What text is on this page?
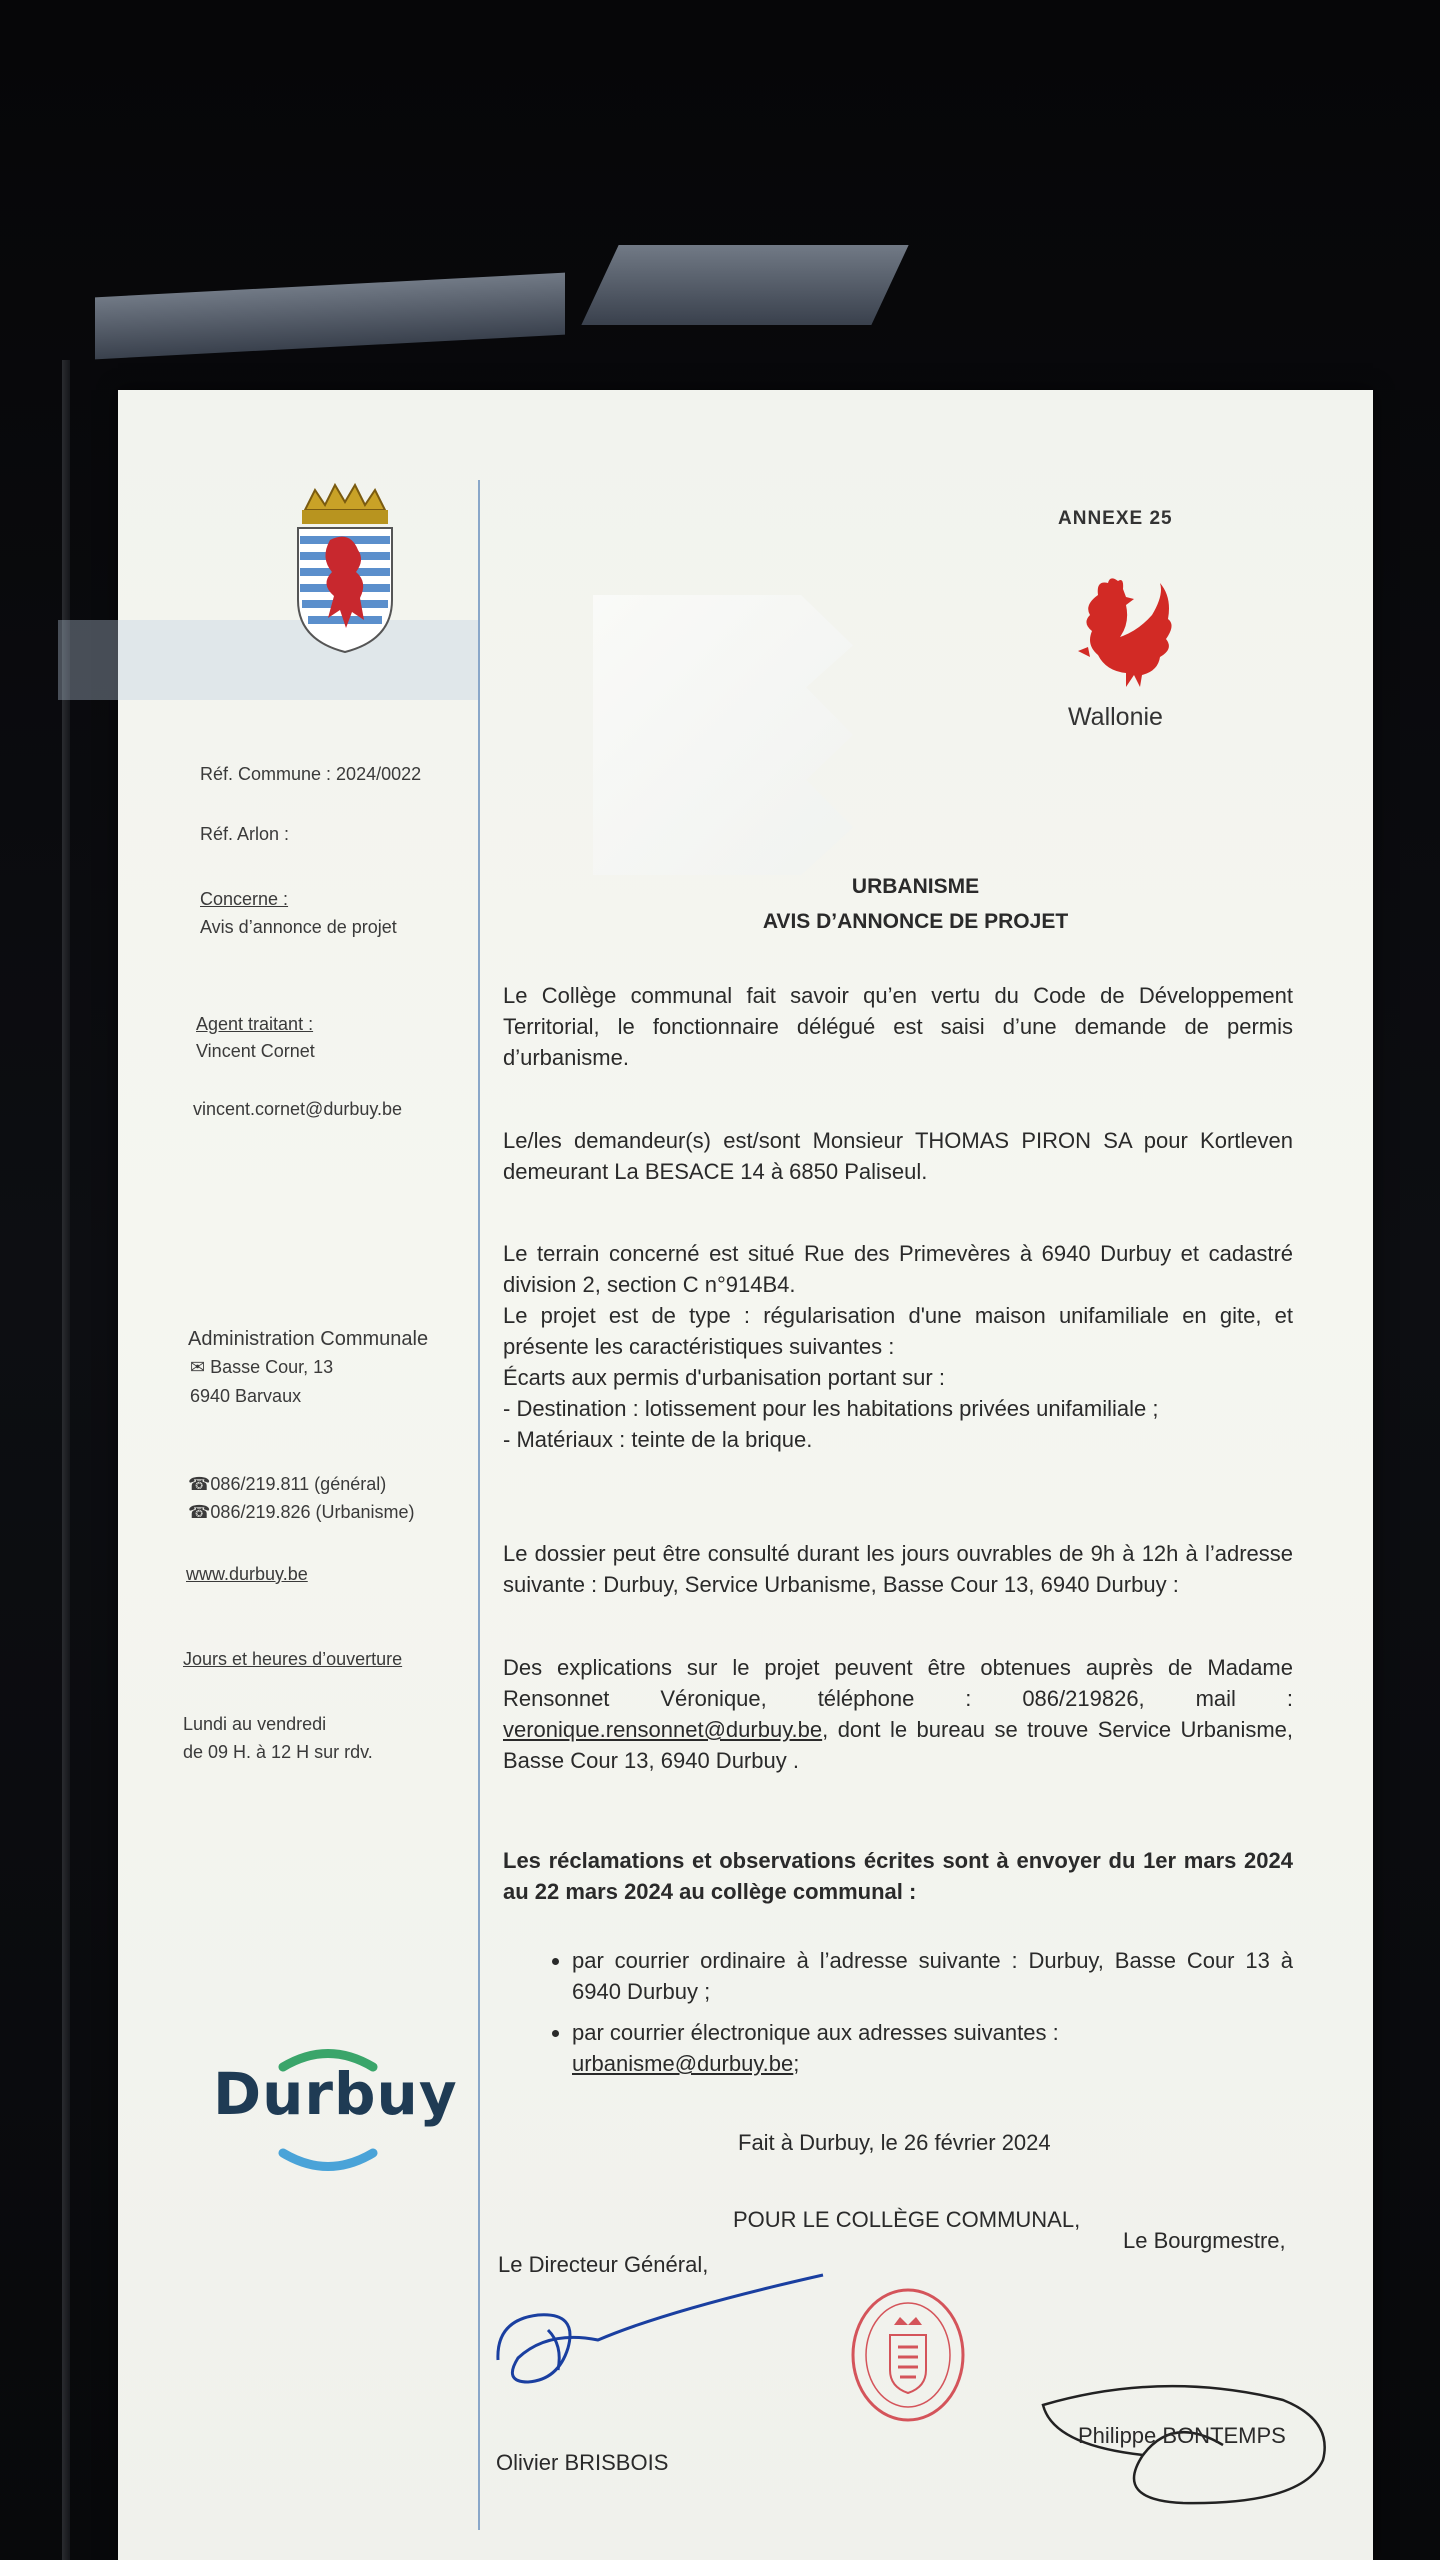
Réf. Commune : 2024/0022
Réf. Arlon :
Concerne :
Avis d’annonce de projet
Agent traitant :
Vincent Cornet
vincent.cornet@durbuy.be
Administration Communale
✉ Basse Cour, 13
6940 Barvaux
☎086/219.811 (général)
☎086/219.826 (Urbanisme)
www.durbuy.be
Jours et heures d’ouverture
Lundi au vendredi
de 09 H. à 12 H sur rdv.
Durbuy
ANNEXE 25
Wallonie
URBANISME
AVIS D’ANNONCE DE PROJET

Le Collège communal fait savoir qu’en vertu du Code de Développement Territorial, le fonctionnaire délégué est saisi d’une demande de permis d’urbanisme.

Le/les demandeur(s) est/sont Monsieur THOMAS PIRON SA pour Kortleven demeurant La BESACE 14 à 6850 Paliseul.

Le terrain concerné est situé Rue des Primevères à 6940 Durbuy et cadastré division 2, section C n°914B4.

Le projet est de type : régularisation d'une maison unifamiliale en gite, et présente les caractéristiques suivantes :

Écarts aux permis d'urbanisation portant sur :

- Destination : lotissement pour les habitations privées unifamiliale ;

- Matériaux : teinte de la brique.

Le dossier peut être consulté durant les jours ouvrables de 9h à 12h à l’adresse suivante : Durbuy, Service Urbanisme, Basse Cour 13, 6940 Durbuy :

Des explications sur le projet peuvent être obtenues auprès de Madame Rensonnet Véronique, téléphone : 086/219826, mail : veronique.rensonnet@durbuy.be, dont le bureau se trouve Service Urbanisme, Basse Cour 13, 6940 Durbuy .

Les réclamations et observations écrites sont à envoyer du 1er mars 2024 au 22 mars 2024 au collège communal :

• par courrier ordinaire à l’adresse suivante : Durbuy, Basse Cour 13 à 6940 Durbuy ;
• par courrier électronique aux adresses suivantes :
urbanisme@durbuy.be;
Fait à Durbuy, le 26 février 2024
POUR LE COLLÈGE COMMUNAL,
Le Directeur Général,
Le Bourgmestre,
Olivier BRISBOIS
Philippe BONTEMPS
